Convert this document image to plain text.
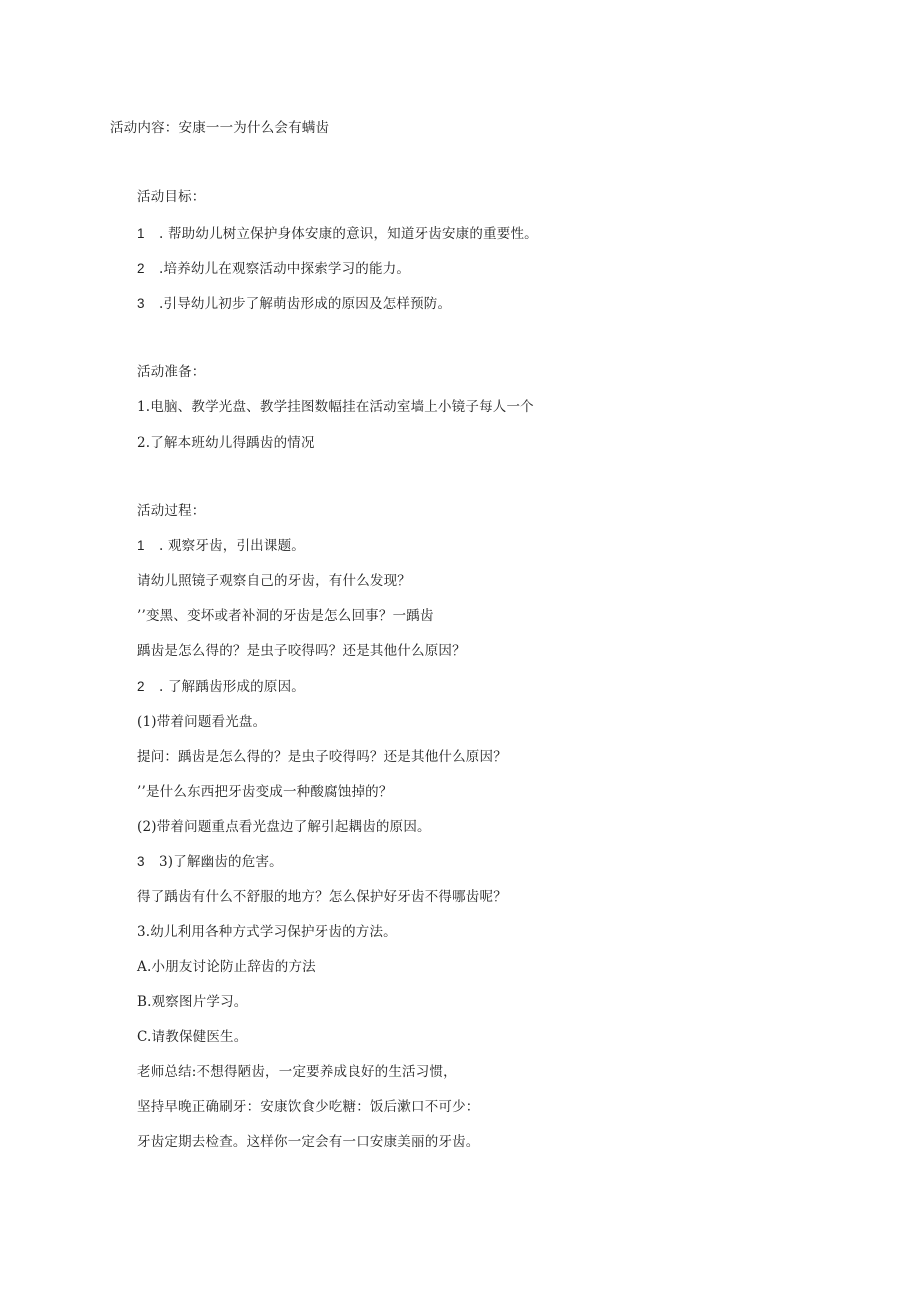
活动内容：安康一一为什么会有螨齿
活动目标：
1 . 帮助幼儿树立保护身体安康的意识，知道牙齿安康的重要性。
2 .培养幼儿在观察活动中探索学习的能力。
3 .引导幼儿初步了解萌齿形成的原因及怎样预防。
活动准备：
1.电脑、教学光盘、教学挂图数幅挂在活动室墙上小镜子每人一个
2.了解本班幼儿得踽齿的情况
活动过程：
1 . 观察牙齿，引出课题。
请幼儿照镜子观察自己的牙齿，有什么发现？
’’变黑、变坏或者补洞的牙齿是怎么回事？一踽齿
踽齿是怎么得的？是虫子咬得吗？还是其他什么原因？
2 . 了解踽齿形成的原因。
(1)带着问题看光盘。
提问：踽齿是怎么得的？是虫子咬得吗？还是其他什么原因？
’’是什么东西把牙齿变成一种酸腐蚀掉的？
(2)带着问题重点看光盘边了解引起耦齿的原因。
3 3)了解幽齿的危害。
得了踽齿有什么不舒服的地方？怎么保护好牙齿不得哪齿呢？
3.幼儿利用各种方式学习保护牙齿的方法。
A.小朋友讨论防止辞齿的方法
B.观察图片学习。
C.请教保健医生。
老师总结:不想得陋齿，一定要养成良好的生活习惯，
坚持早晚正确刷牙：安康饮食少吃糖：饭后漱口不可少：
牙齿定期去检查。这样你一定会有一口安康美丽的牙齿。
